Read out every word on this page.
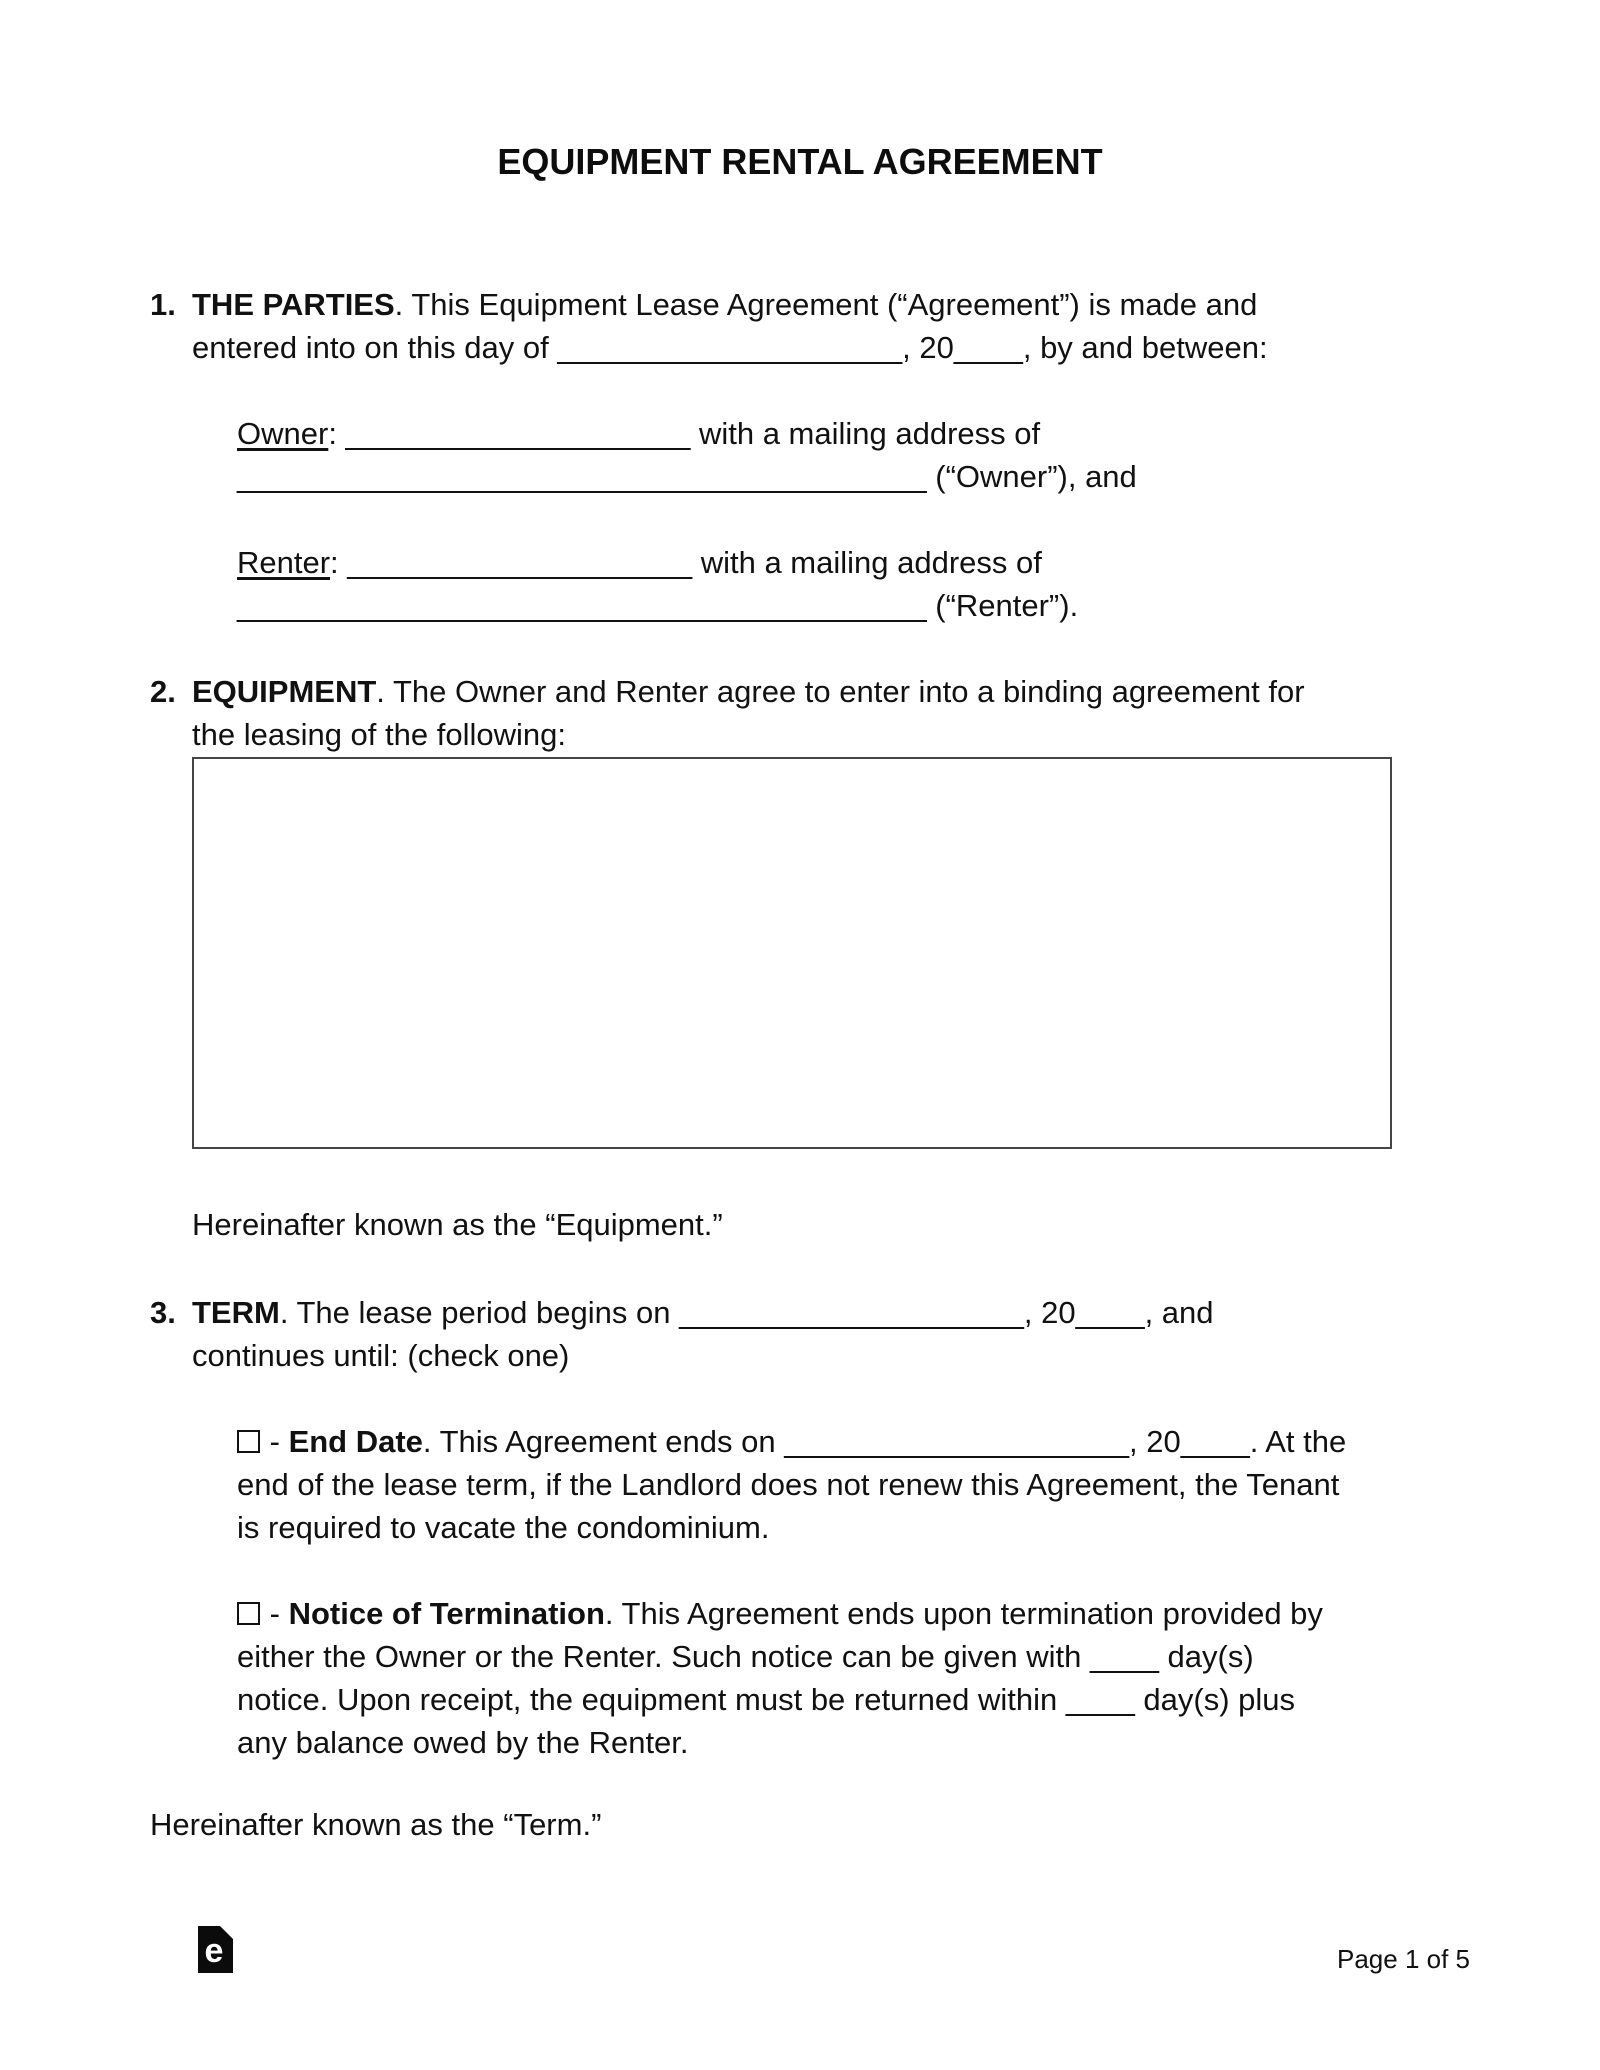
EQUIPMENT RENTAL AGREEMENT
1. THE PARTIES. This Equipment Lease Agreement (“Agreement”) is made and
entered into on this day of ____________________, 20____, by and between:
Owner: ____________________ with a mailing address of
________________________________________ (“Owner”), and
Renter: ____________________ with a mailing address of
________________________________________ (“Renter”).
2. EQUIPMENT. The Owner and Renter agree to enter into a binding agreement for
the leasing of the following:
Hereinafter known as the “Equipment.”
3. TERM. The lease period begins on ____________________, 20____, and
continues until: (check one)
- End Date. This Agreement ends on ____________________, 20____. At the
end of the lease term, if the Landlord does not renew this Agreement, the Tenant
is required to vacate the condominium.
- Notice of Termination. This Agreement ends upon termination provided by
either the Owner or the Renter. Such notice can be given with ____ day(s)
notice. Upon receipt, the equipment must be returned within ____ day(s) plus
any balance owed by the Renter.
Hereinafter known as the “Term.”
e	Page 1 of 5
